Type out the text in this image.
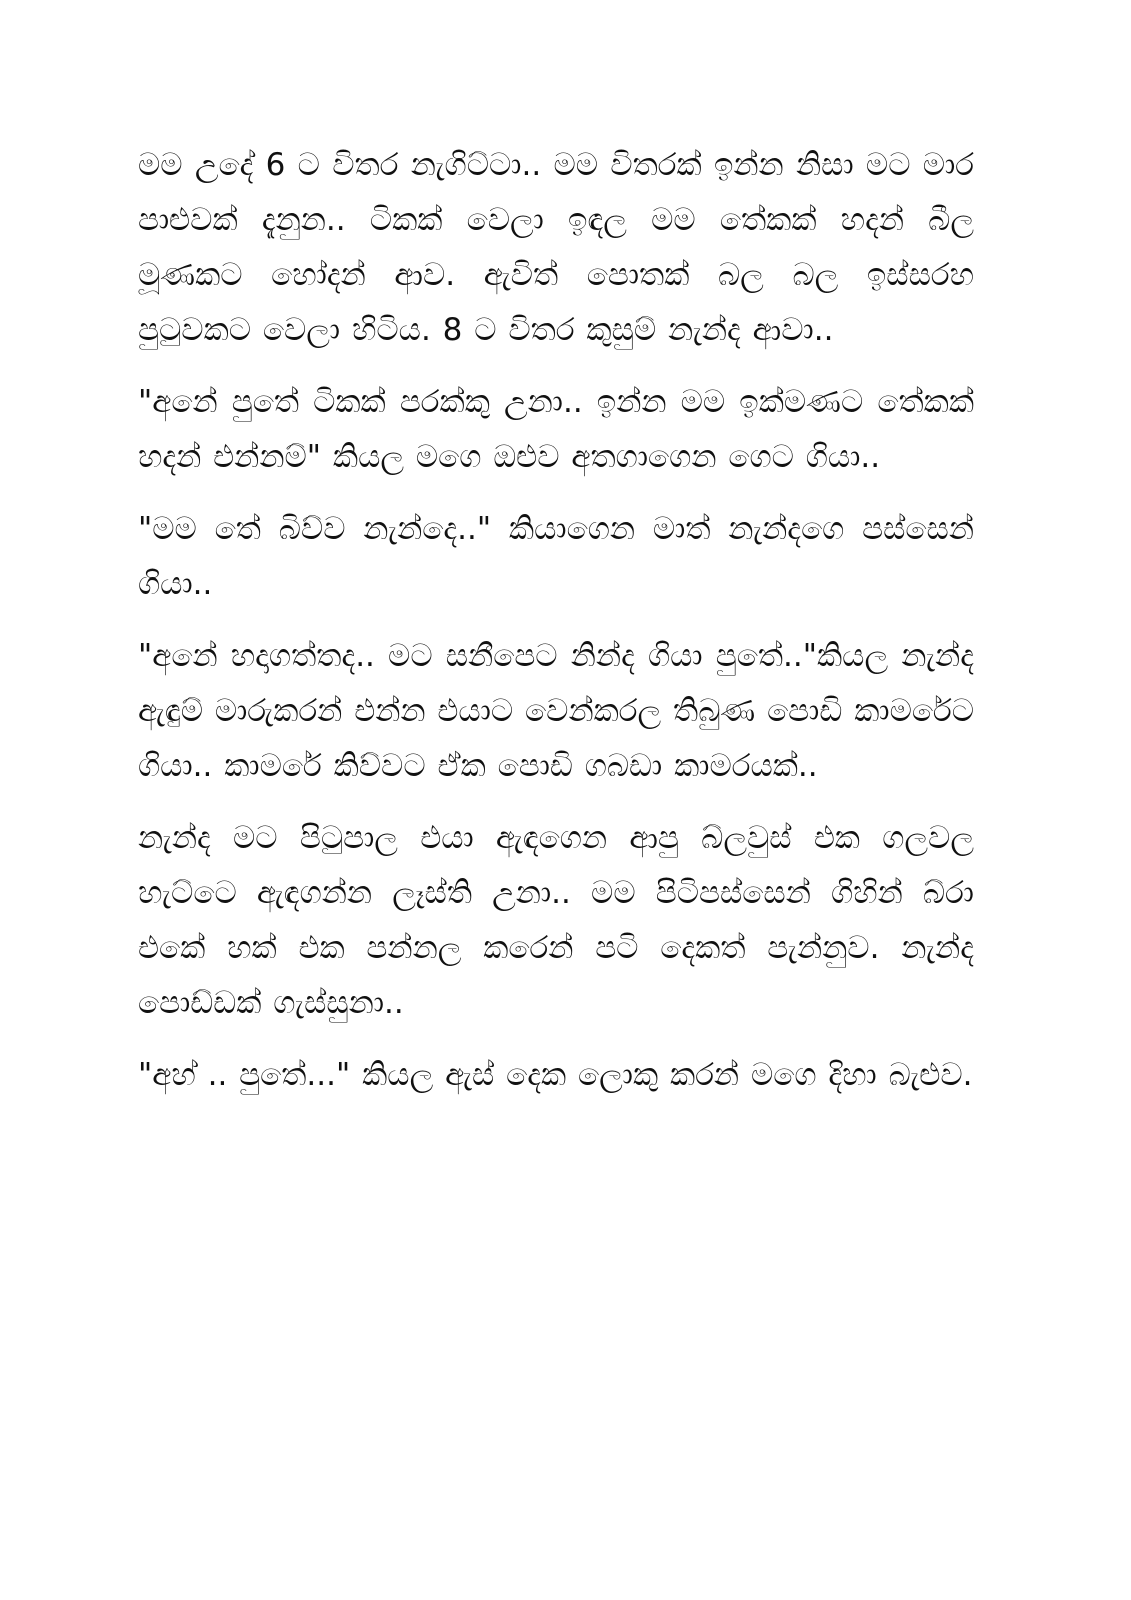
මම උදේ 6 ට විතර නැගිට්ටා.. මම විතරක් ඉන්න නිසා මට මාර පාළුවක් දැනුන.. ටිකක් වෙලා ඉඳල මම තේකක් හදන් බීල මූණකට හෝදන් ආව. ඇවිත් පොතක් බල බල ඉස්සරහ පුටුවකට වෙලා හිටිය. 8 ට විතර කුසුම් නැන්ද ආවා..

"අනේ පුතේ ටිකක් පරක්කු උනා.. ඉන්න මම ඉක්මණට තේකක් හදන් එන්නම්" කියල මගෙ ඔළුව අතගාගෙන ගෙට ගියා..

"මම තේ බිව්ව නැන්දෙ.." කියාගෙන මාත් නැන්දගෙ පස්සෙන් ගියා..

"අනේ හදාගත්තද.. මට සනීපෙට නින්ද ගියා පුතේ.."කියල නැන්ද ඇඳුම් මාරුකරන් එන්න එයාට වෙන්කරල තිබුණ පොඩි කාමරේට ගියා.. කාමරේ කිව්වට ඒක පොඩි ගබඩා කාමරයක්..

නැන්ද මට පිටුපාල එයා ඇඳගෙන ආපු බ්ලවුස් එක ගලවල හැට්ටෙ ඇඳගන්න ලෑස්ති උනා.. මම පිටිපස්සෙන් ගිහින් බ්රා එකේ හක් එක පන්නල කරෙන් පටි දෙකත් පැන්නුව. නැන්ද පොඩ්ඩක් ගැස්සුනා..

"අහ් .. පුතේ..." කියල ඇස් දෙක ලොකු කරන් මගෙ දිහා බැළුව.
